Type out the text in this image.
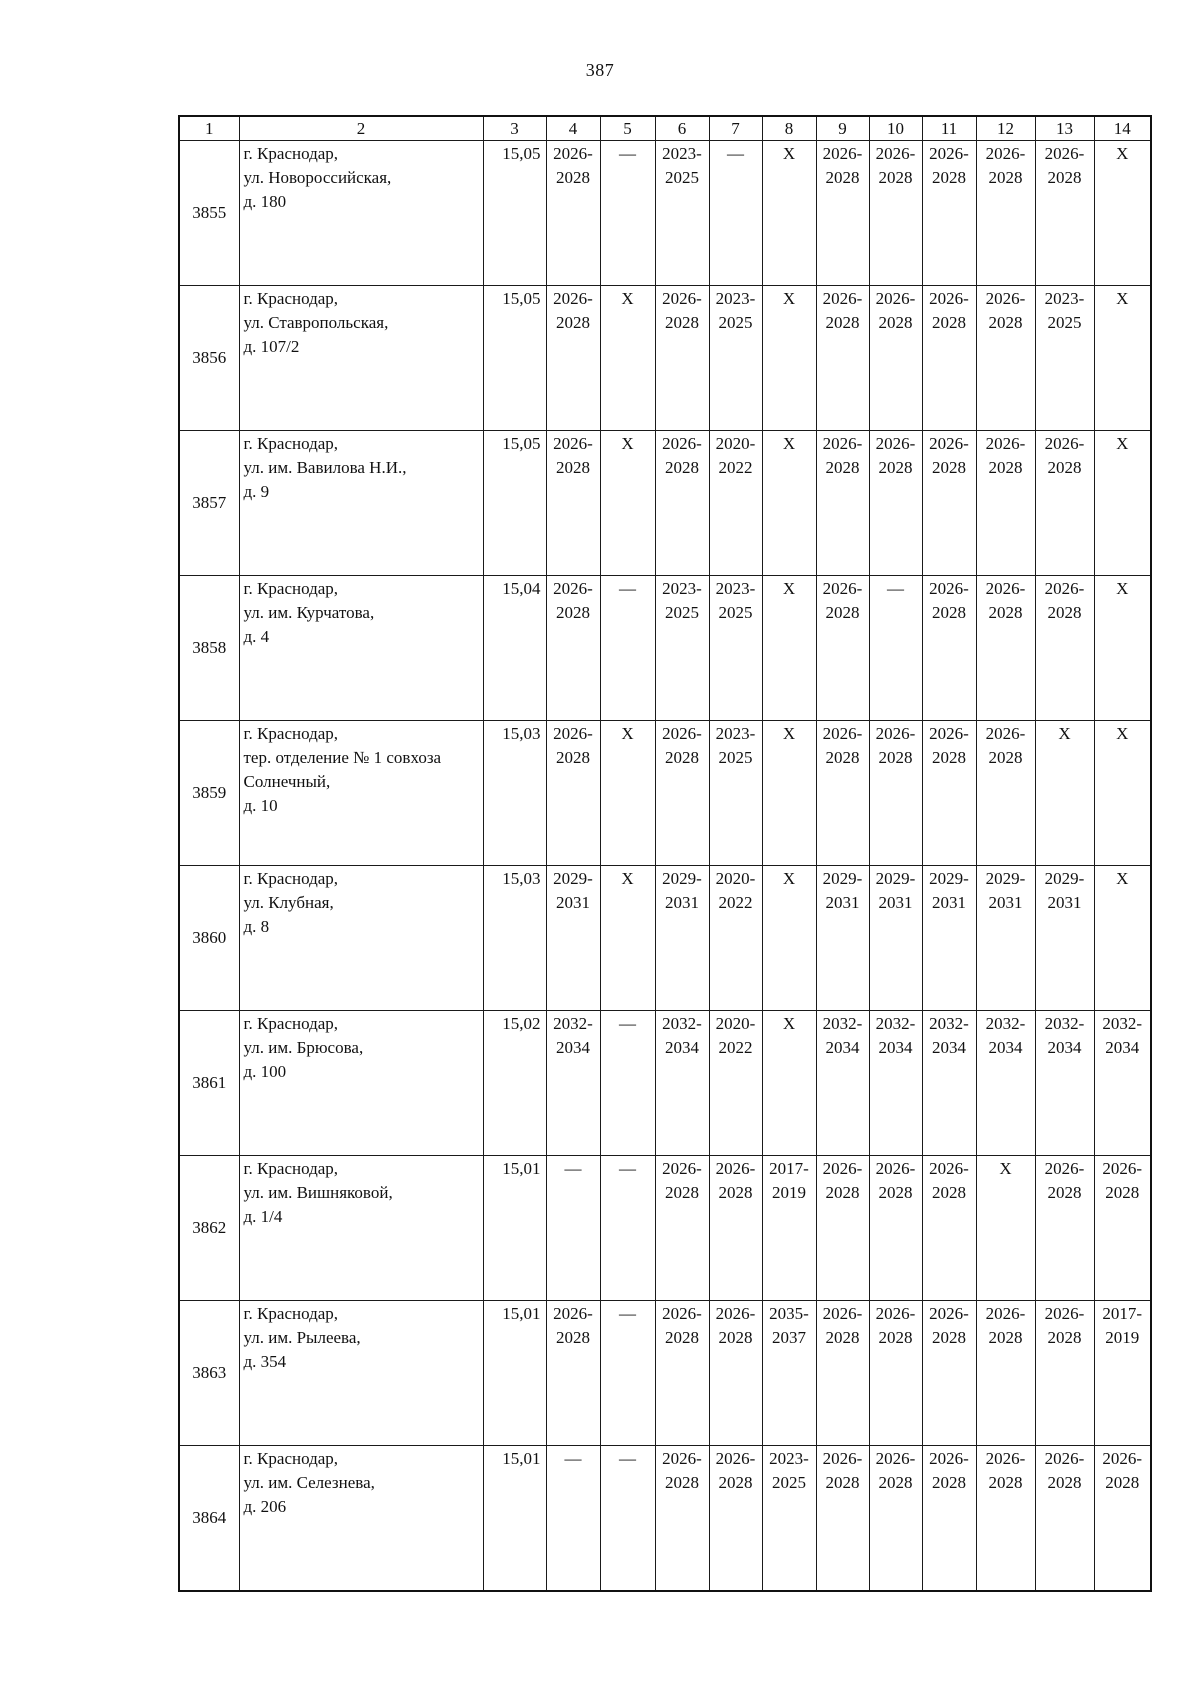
387
1	2	3	4	5	6	7	8	9	10	11	12	13	14
3855	г. Краснодар,
ул. Новороссийская,
д. 180	15,05	2026-
2028	—	2023-
2025	—	X	2026-
2028	2026-
2028	2026-
2028	2026-
2028	2026-
2028	X

3856	г. Краснодар,
ул. Ставропольская,
д. 107/2	15,05	2026-
2028	X	2026-
2028	2023-
2025	X	2026-
2028	2026-
2028	2026-
2028	2026-
2028	2023-
2025	X

3857	г. Краснодар,
ул. им. Вавилова Н.И.,
д. 9	15,05	2026-
2028	X	2026-
2028	2020-
2022	X	2026-
2028	2026-
2028	2026-
2028	2026-
2028	2026-
2028	X

3858	г. Краснодар,
ул. им. Курчатова,
д. 4	15,04	2026-
2028	—	2023-
2025	2023-
2025	X	2026-
2028	—	2026-
2028	2026-
2028	2026-
2028	X

3859	г. Краснодар,
тер. отделение № 1 совхоза
Солнечный,
д. 10	15,03	2026-
2028	X	2026-
2028	2023-
2025	X	2026-
2028	2026-
2028	2026-
2028	2026-
2028	X	X

3860	г. Краснодар,
ул. Клубная,
д. 8	15,03	2029-
2031	X	2029-
2031	2020-
2022	X	2029-
2031	2029-
2031	2029-
2031	2029-
2031	2029-
2031	X

3861	г. Краснодар,
ул. им. Брюсова,
д. 100	15,02	2032-
2034	—	2032-
2034	2020-
2022	X	2032-
2034	2032-
2034	2032-
2034	2032-
2034	2032-
2034	2032-
2034

3862	г. Краснодар,
ул. им. Вишняковой,
д. 1/4	15,01	—	—	2026-
2028	2026-
2028	2017-
2019	2026-
2028	2026-
2028	2026-
2028	X	2026-
2028	2026-
2028

3863	г. Краснодар,
ул. им. Рылеева,
д. 354	15,01	2026-
2028	—	2026-
2028	2026-
2028	2035-
2037	2026-
2028	2026-
2028	2026-
2028	2026-
2028	2026-
2028	2017-
2019

3864	г. Краснодар,
ул. им. Селезнева,
д. 206	15,01	—	—	2026-
2028	2026-
2028	2023-
2025	2026-
2028	2026-
2028	2026-
2028	2026-
2028	2026-
2028	2026-
2028
